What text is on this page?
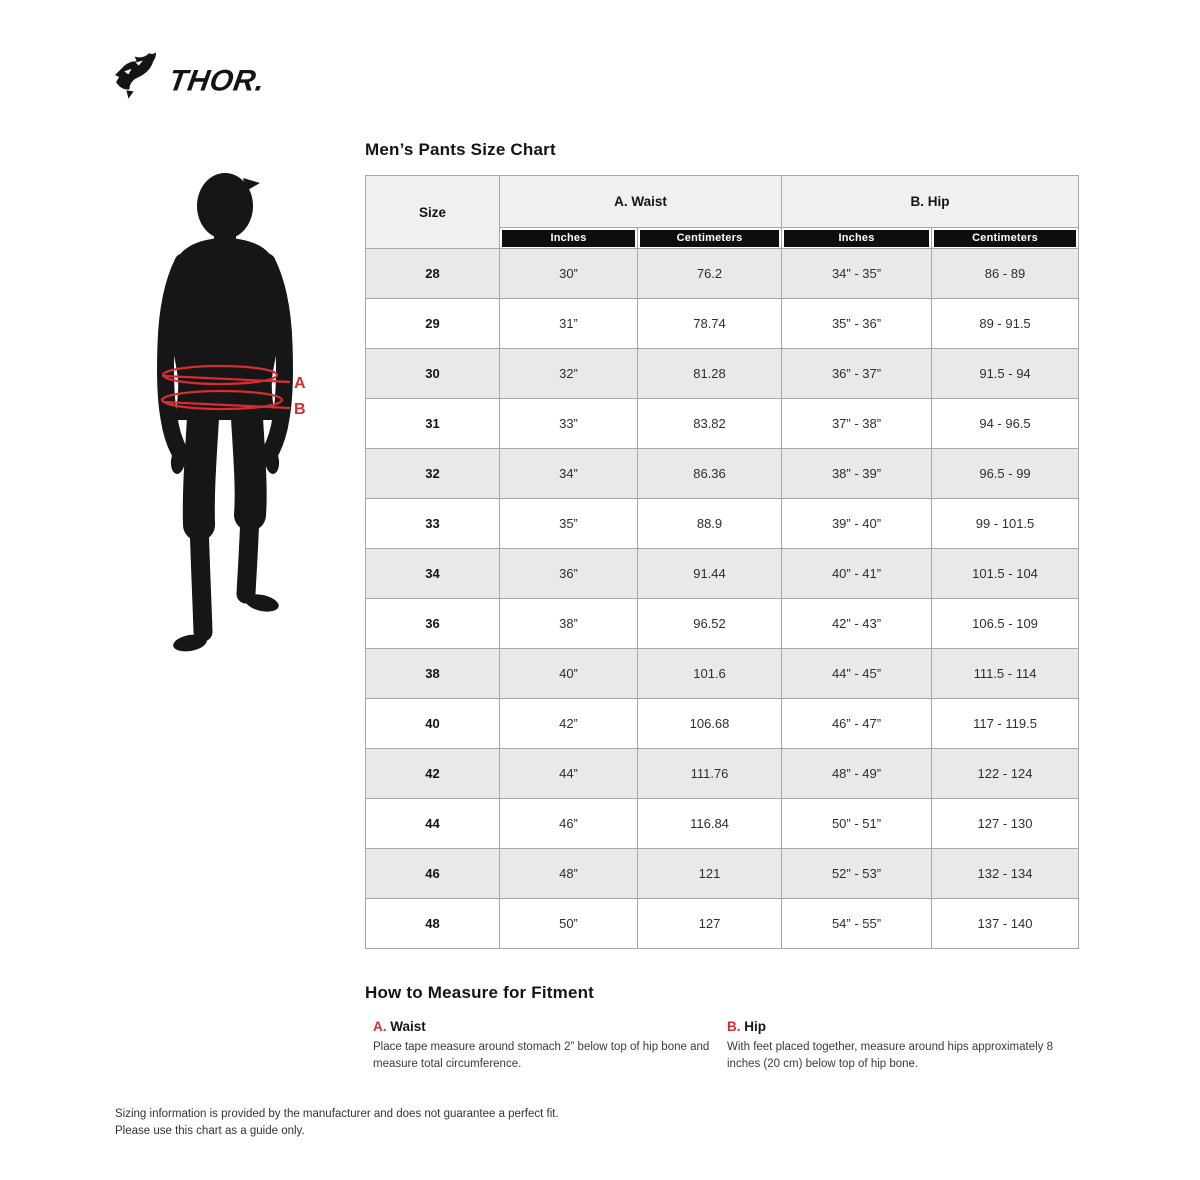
THOR.
A
B
Men’s Pants Size Chart
Size	A. Waist		B. Hip	

	Inches	Centimeters	Inches	Centimeters

28	30”	76.2	34” - 35”	86 - 89
29	31”	78.74	35” - 36”	89 - 91.5
30	32”	81.28	36” - 37”	91.5 - 94
31	33”	83.82	37” - 38”	94 - 96.5
32	34”	86.36	38” - 39”	96.5 - 99
33	35”	88.9	39” - 40”	99 - 101.5
34	36”	91.44	40” - 41”	101.5 - 104
36	38”	96.52	42” - 43”	106.5 - 109
38	40”	101.6	44” - 45”	111.5 - 114
40	42”	106.68	46” - 47”	117 - 119.5
42	44”	111.76	48” - 49”	122 - 124
44	46”	116.84	50” - 51”	127 - 130
46	48”	121	52” - 53”	132 - 134
48	50”	127	54” - 55”	137 - 140
How to Measure for Fitment
A. Waist
Place tape measure around stomach 2” below top of hip bone and measure total circumference.
B. Hip
With feet placed together, measure around hips approximately 8 inches (20 cm) below top of hip bone.
Sizing information is provided by the manufacturer and does not guarantee a perfect fit.
Please use this chart as a guide only.
